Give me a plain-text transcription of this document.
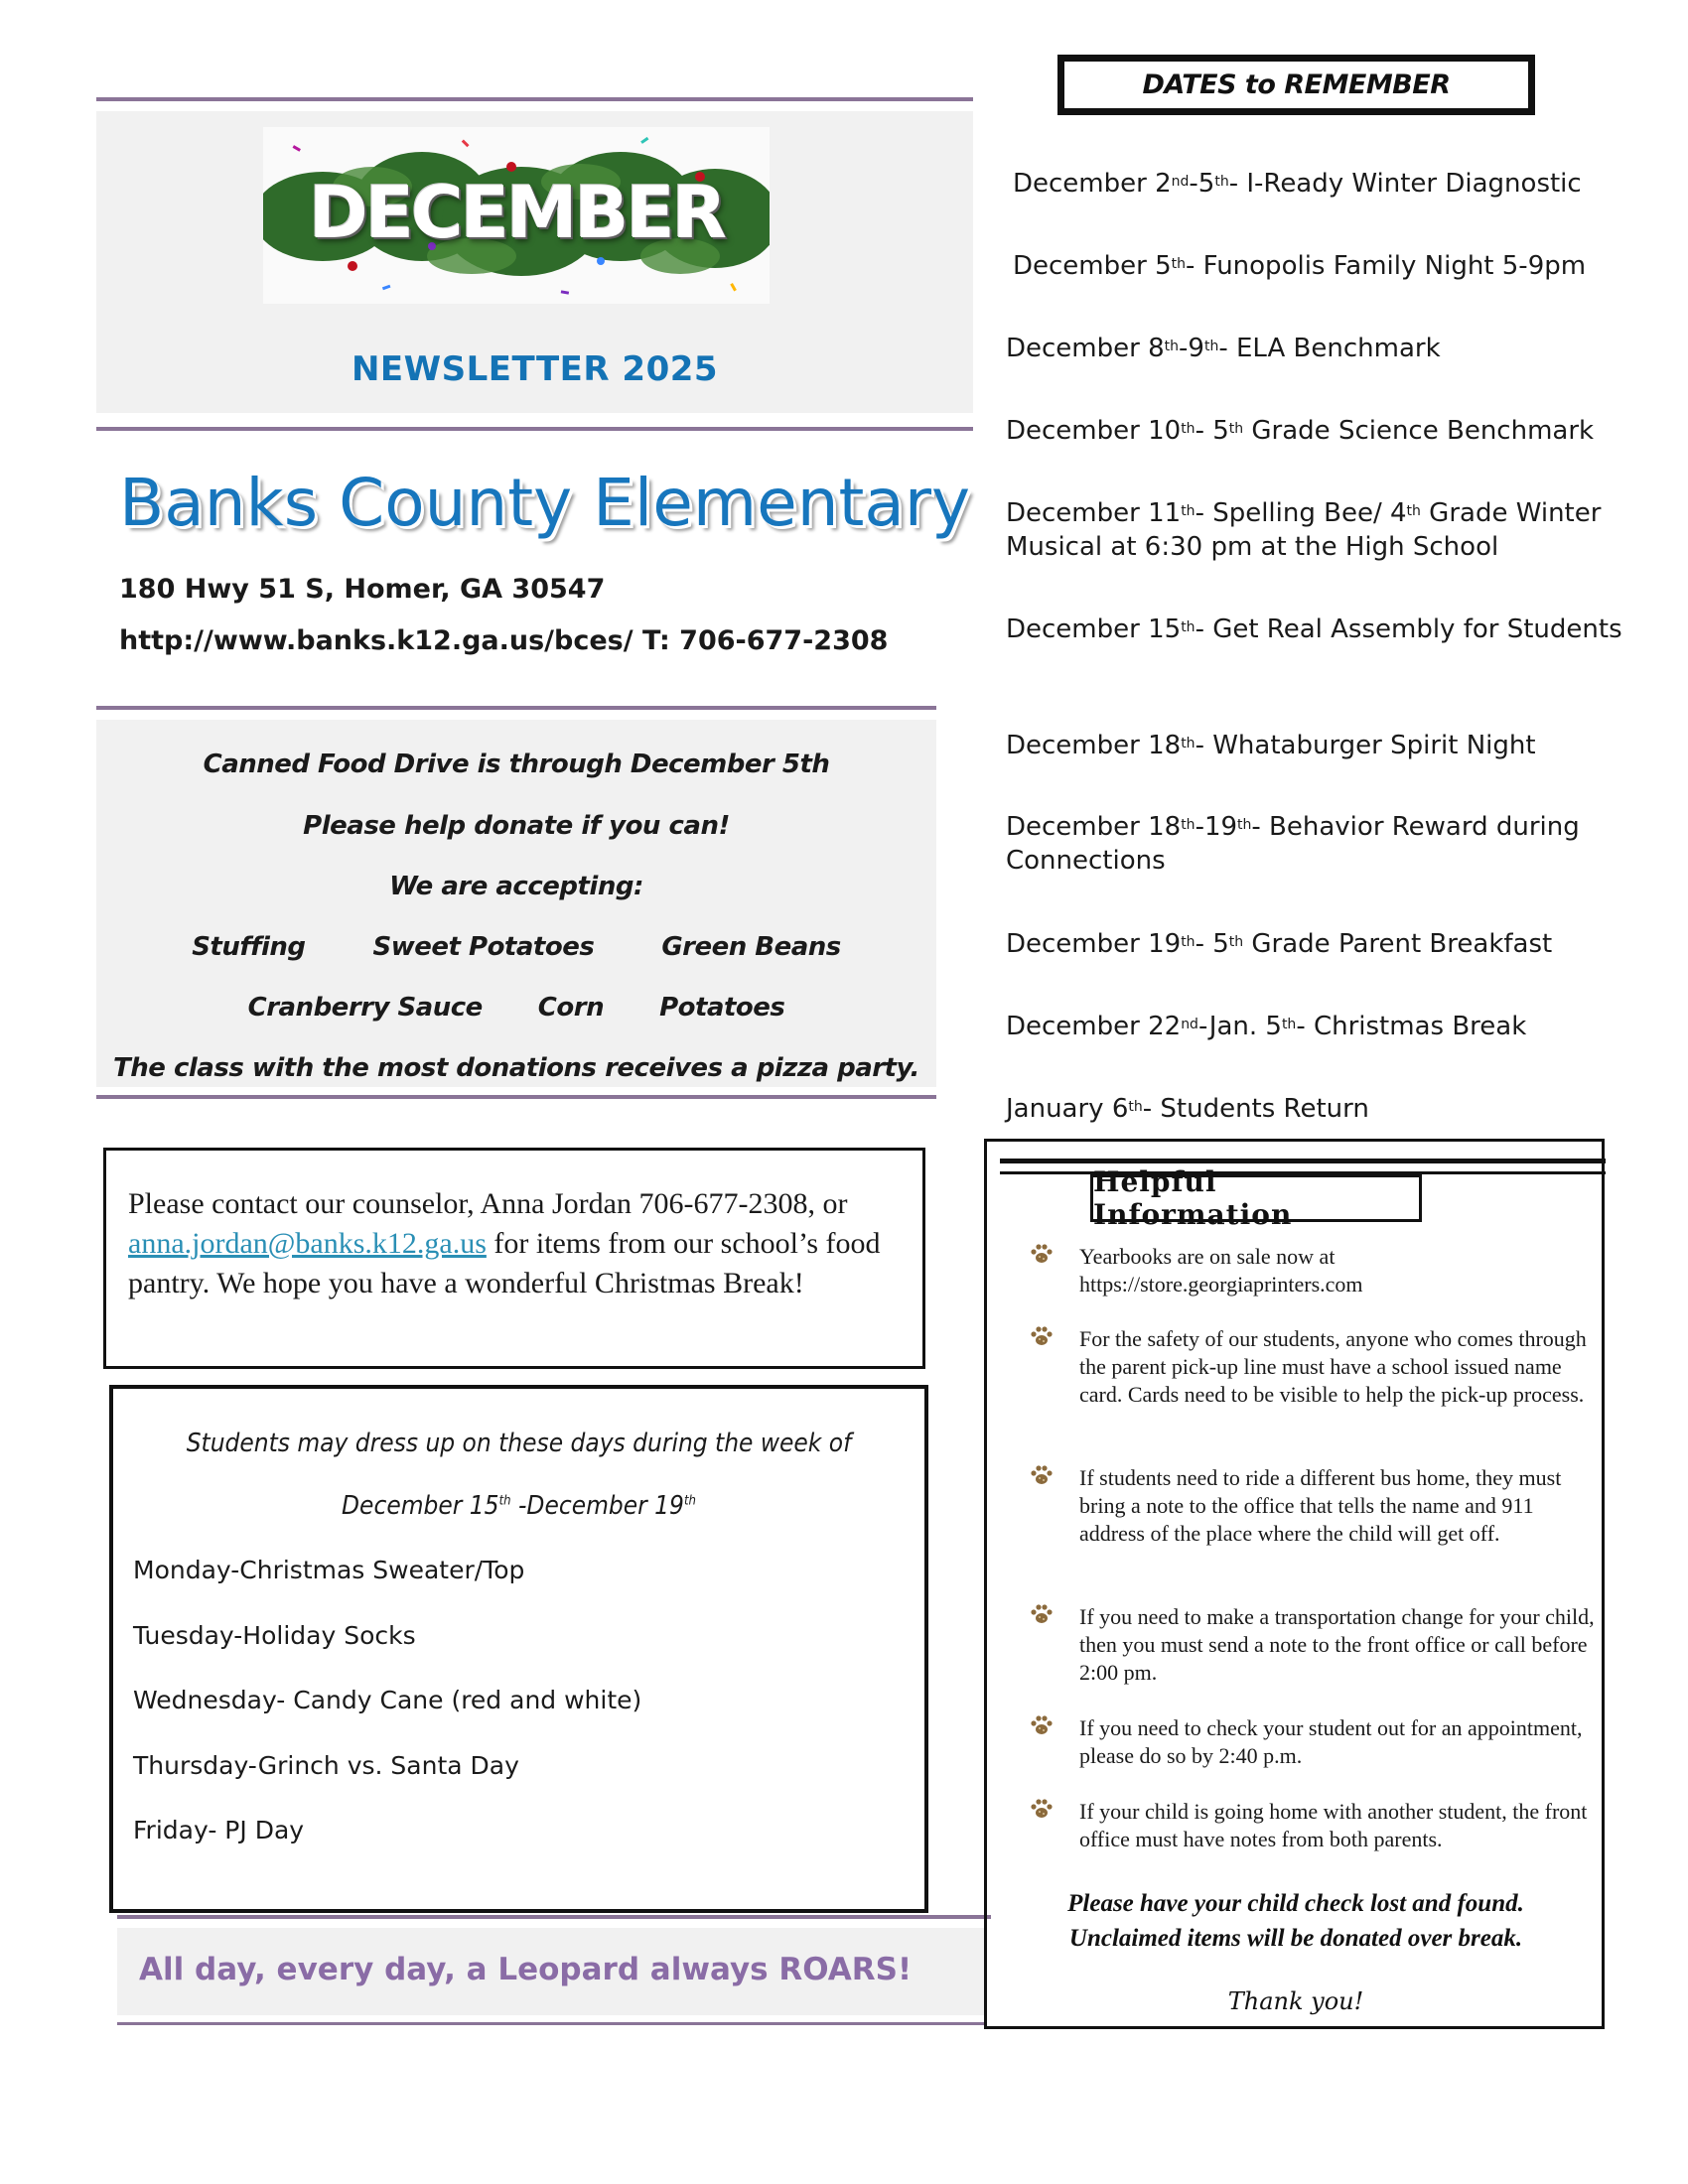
DECEMBER
NEWSLETTER 2025
Banks County Elementary
180 Hwy 51 S, Homer, GA 30547
http://www.banks.k12.ga.us/bces/ T: 706-677-2308
Canned Food Drive is through December 5th
Please help donate if you can!
We are accepting:
Stuffing	Sweet Potatoes	Green Beans
Cranberry Sauce Corn Potatoes
The class with the most donations receives a pizza party.
Please contact our counselor, Anna Jordan 706-677-2308, or anna.jordan@banks.k12.ga.us for items from our school’s food pantry. We hope you have a wonderful Christmas Break!
Students may dress up on these days during the week of
December 15th -December 19th
Monday-Christmas Sweater/Top
Tuesday-Holiday Socks
Wednesday- Candy Cane (red and white)
Thursday-Grinch vs. Santa Day
Friday- PJ Day
All day, every day, a Leopard always ROARS!
DATES to REMEMBER
December 2nd-5th- I-Ready Winter Diagnostic
December 5th- Funopolis Family Night 5-9pm
December 8th-9th- ELA Benchmark
December 10th- 5th Grade Science Benchmark
December 11th- Spelling Bee/ 4th Grade Winter Musical at 6:30 pm at the High School
December 15th- Get Real Assembly for Students
December 18th- Whataburger Spirit Night
December 18th-19th- Behavior Reward during Connections
December 19th- 5th Grade Parent Breakfast
December 22nd-Jan. 5th- Christmas Break
January 6th- Students Return
Helpful Information
Yearbooks are on sale now at https://store.georgiaprinters.com
For the safety of our students, anyone who comes through the parent pick-up line must have a school issued name card. Cards need to be visible to help the pick-up process.
If students need to ride a different bus home, they must bring a note to the office that tells the name and 911 address of the place where the child will get off.
If you need to make a transportation change for your child, then you must send a note to the front office or call before 2:00 pm.
If you need to check your student out for an appointment, please do so by 2:40 p.m.
If your child is going home with another student, the front office must have notes from both parents.
Please have your child check lost and found.
Unclaimed items will be donated over break.
Thank you!
